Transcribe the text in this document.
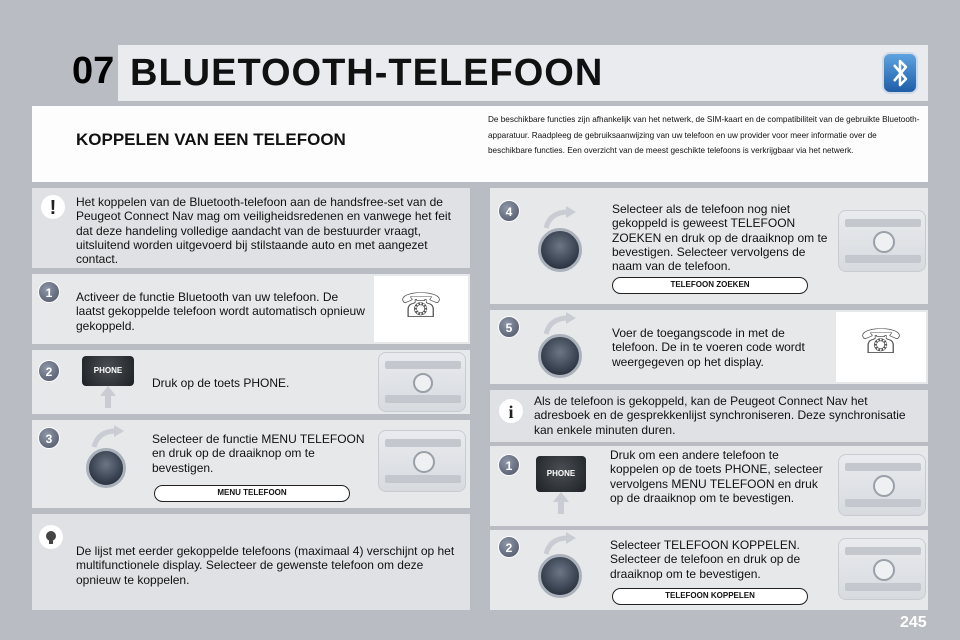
07 BLUETOOTH-TELEFOON
KOPPELEN VAN EEN TELEFOON
De beschikbare functies zijn afhankelijk van het netwerk, de SIM-kaart en de compatibiliteit van de gebruikte Bluetooth-apparatuur. Raadpleeg de gebruiksaanwijzing van uw telefoon en uw provider voor meer informatie over de beschikbare functies. Een overzicht van de meest geschikte telefoons is verkrijgbaar via het netwerk.
! Het koppelen van de Bluetooth-telefoon aan de handsfree-set van de Peugeot Connect Nav mag om veiligheidsredenen en vanwege het feit dat deze handeling volledige aandacht van de bestuurder vraagt, uitsluitend worden uitgevoerd bij stilstaande auto en met aangezet contact.
1	Activeer de functie Bluetooth van uw telefoon. De laatst gekoppelde telefoon wordt automatisch opnieuw gekoppeld.
☏
2	PHONE
Druk op de toets PHONE.
3	Selecteer de functie MENU TELEFOON en druk op de draaiknop om te bevestigen.
MENU TELEFOON
De lijst met eerder gekoppelde telefoons (maximaal 4) verschijnt op het multifunctionele display. Selecteer de gewenste telefoon om deze opnieuw te koppelen.
4	Selecteer als de telefoon nog niet gekoppeld is geweest TELEFOON ZOEKEN en druk op de draaiknop om te bevestigen. Selecteer vervolgens de naam van de telefoon.
TELEFOON ZOEKEN
5	Voer de toegangscode in met de telefoon. De in te voeren code wordt weergegeven op het display.
☏
i
Als de telefoon is gekoppeld, kan de Peugeot Connect Nav het adresboek en de gesprekkenlijst synchroniseren. Deze synchronisatie kan enkele minuten duren.
1
PHONE
Druk om een andere telefoon te koppelen op de toets PHONE, selecteer vervolgens MENU TELEFOON en druk op de draaiknop om te bevestigen.
2	Selecteer TELEFOON KOPPELEN. Selecteer de telefoon en druk op de draaiknop om te bevestigen.
TELEFOON KOPPELEN
245
